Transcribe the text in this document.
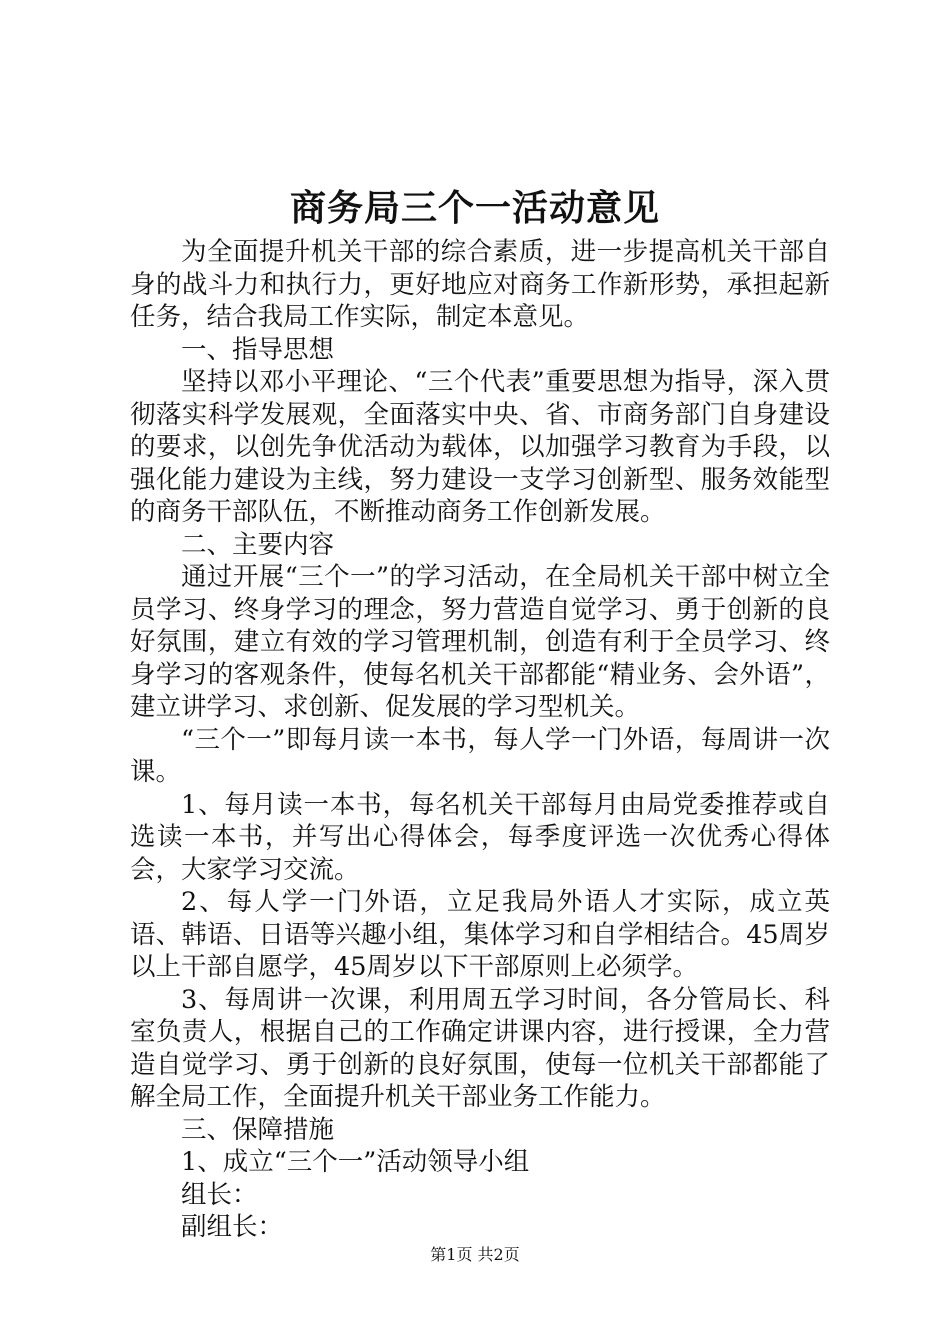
商务局三个一活动意见

为全面提升机关干部的综合素质，进一步提高机关干部自身的战斗力和执行力，更好地应对商务工作新形势，承担起新任务，结合我局工作实际，制定本意见。

一、指导思想

坚持以邓小平理论、“三个代表”重要思想为指导，深入贯彻落实科学发展观，全面落实中央、省、市商务部门自身建设的要求，以创先争优活动为载体，以加强学习教育为手段，以强化能力建设为主线，努力建设一支学习创新型、服务效能型的商务干部队伍，不断推动商务工作创新发展。

二、主要内容

通过开展“三个一”的学习活动，在全局机关干部中树立全员学习、终身学习的理念，努力营造自觉学习、勇于创新的良好氛围，建立有效的学习管理机制，创造有利于全员学习、终身学习的客观条件，使每名机关干部都能“精业务、会外语”，建立讲学习、求创新、促发展的学习型机关。

“三个一”即每月读一本书，每人学一门外语，每周讲一次课。

1、每月读一本书，每名机关干部每月由局党委推荐或自选读一本书，并写出心得体会，每季度评选一次优秀心得体会，大家学习交流。

2、每人学一门外语，立足我局外语人才实际，成立英语、韩语、日语等兴趣小组，集体学习和自学相结合。45周岁以上干部自愿学，45周岁以下干部原则上必须学。

3、每周讲一次课，利用周五学习时间，各分管局长、科室负责人，根据自己的工作确定讲课内容，进行授课，全力营造自觉学习、勇于创新的良好氛围，使每一位机关干部都能了解全局工作，全面提升机关干部业务工作能力。

三、保障措施

1、成立“三个一”活动领导小组

组长：

副组长：

第1页 共2页
